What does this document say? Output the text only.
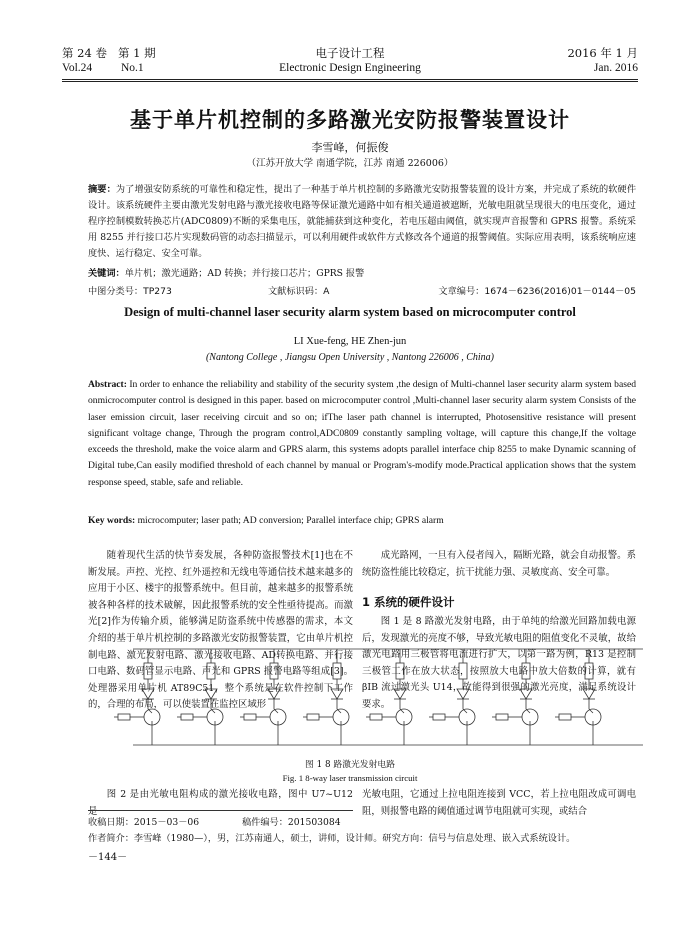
第 24 卷 第 1 期	电子设计工程	2016 年 1 月
Vol.24	No.1	Electronic Design Engineering	Jan. 2016
基于单片机控制的多路激光安防报警装置设计
李雪峰，何振俊
（江苏开放大学 南通学院，江苏 南通 226006）
摘要：为了增强安防系统的可靠性和稳定性，提出了一种基于单片机控制的多路激光安防报警装置的设计方案，并完成了系统的软硬件设计。该系统硬件主要由激光发射电路与激光接收电路等保证激光通路中如有相关通道被遮断，光敏电阻就呈现很大的电压变化，通过程序控制模数转换芯片(ADC0809)不断的采集电压，就能捕获到这种变化，若电压超由阈值，就实现声音报警和 GPRS 报警。系统采用 8255 并行接口芯片实现数码管的动态扫描显示，可以利用硬件或软件方式修改各个通道的报警阈值。实际应用表明，该系统响应速度快、运行稳定、安全可靠。
关键词：单片机；激光通路；AD 转换；并行接口芯片；GPRS 报警
中图分类号：TP273	文献标识码：A	文章编号：1674－6236(2016)01－0144－05
Design of multi-channel laser security alarm system based on microcomputer control
LI Xue-feng, HE Zhen-jun
(Nantong College , Jiangsu Open University , Nantong 226006 , China)
Abstract: In order to enhance the reliability and stability of the security system ,the design of Multi-channel laser security alarm system based onmicrocomputer control is designed in this paper. based on microcomputer control ,Multi-channel laser security alarm system Consists of the laser emission circuit, laser receiving circuit and so on; ifThe laser path channel is interrupted, Photosensitive resistance will present significant voltage change, Through the program control,ADC0809 constantly sampling voltage, will capture this change,If the voltage exceeds the threshold, make the voice alarm and GPRS alarm, this systems adopts parallel interface chip 8255 to make Dynamic scanning of Digital tube,Can easily modified threshold of each channel by manual or Program's-modify mode.Practical application shows that the system response speed, stable, safe and reliable.
Key words: microcomputer; laser path; AD conversion; Parallel interface chip; GPRS alarm
随着现代生活的快节奏发展，各种防盗报警技术[1]也在不断发展。声控、光控、红外遥控和无线电等通信技术越来越多的应用于小区、楼宇的报警系统中。但目前，越来越多的报警系统被各种各样的技术破解，因此报警系统的安全性亟待提高。而激光[2]作为传输介质，能够满足防盗系统中传感器的需求，本文介绍的基于单片机控制的多路激光安防报警装置，它由单片机控制电路、激光发射电路、激光接收电路、AD转换电路、并行接口电路、数码管显示电路、声光和 GPRS 报警电路等组成[3]。处理器采用单片机 AT89C51，整个系统是在软件控制下工作的，合理的布局，可以使装置在监控区域形
成光路网，一旦有入侵者闯入，隔断光路，就会自动报警。系统防盗性能比较稳定，抗干扰能力强、灵敏度高、安全可靠。
1 系统的硬件设计
图 1 是 8 路激光发射电路，由于单纯的给激光回路加载电源后，发现激光的亮度不够，导致光敏电阻的阻值变化不灵敏，故给激光电路用三极管将电流进行扩大，以第一路为例，R13 是控制三极管工作在放大状态，按照放大电路中放大倍数的计算，就有 βIB 流过激光头 U14，故能得到很强的激光亮度，满足系统设计要求。
图 1 8 路激光发射电路
Fig. 1 8-way laser transmission circuit
图 2 是由光敏电阻构成的激光接收电路，图中 U7~U12 是
光敏电阻，它通过上拉电阻连接到 VCC，若上拉电阻改成可调电阻，则报警电路的阈值通过调节电阻就可实现，或结合
收稿日期：2015－03－06	稿件编号：201503084
作者简介：李雪峰（1980—），男，江苏南通人，硕士，讲师，设计师。研究方向：信号与信息处理、嵌入式系统设计。
－144－
